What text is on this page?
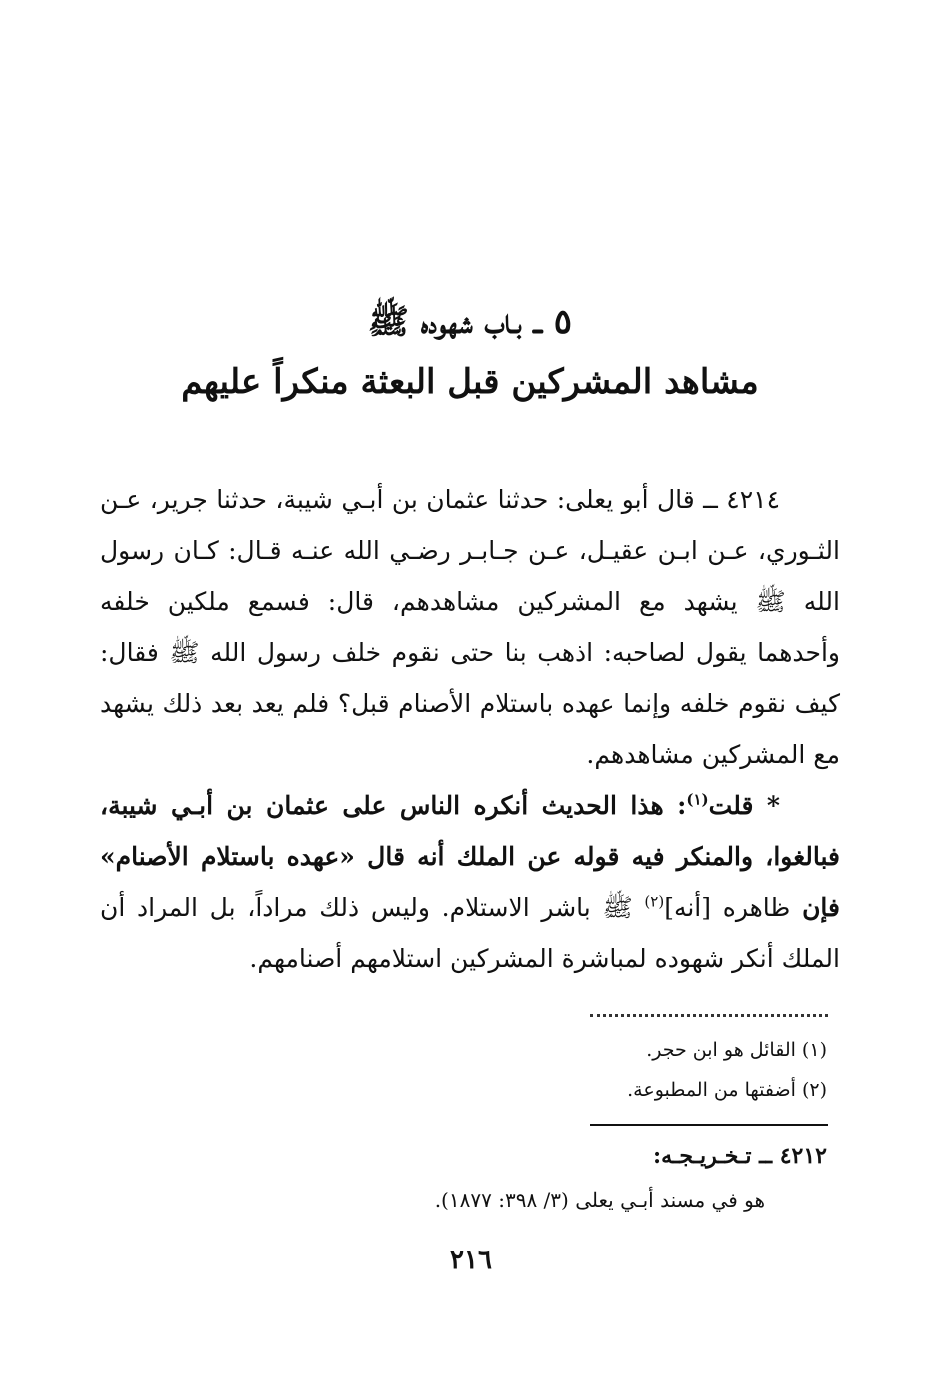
٥ ــ بـاب شهوده ﷺ
مشاهد المشركين قبل البعثة منكراً عليهم

٤٢١٤ ــ قال أبو يعلى: حدثنا عثمان بن أبـي شيبة، حدثنا جرير، عـن الثـوري، عـن ابـن عقيـل، عـن جـابـر رضـي الله عنـه قـال: كـان رسول الله ﷺ يشهد مع المشركين مشاهدهم، قال: فسمع ملكين خلفه وأحدهما يقول لصاحبه: اذهب بنا حتى نقوم خلف رسول الله ﷺ فقال: كيف نقوم خلفه وإنما عهده باستلام الأصنام قبل؟ فلم يعد بعد ذلك يشهد مع المشركين مشاهدهم.

* قلت$^{(١)}$: هذا الحديث أنكره الناس على عثمان بن أبـي شيبة، فبالغوا، والمنكر فيه قوله عن الملك أنه قال «عهده باستلام الأصنام» فإن ظاهره [أنه]$^{(٢)}$ ﷺ باشر الاستلام. وليس ذلك مراداً، بل المراد أن الملك أنكر شهوده لمباشرة المشركين استلامهم أصنامهم.

(١) القائل هو ابن حجر.
(٢) أضفتها من المطبوعة.
٤٢١٢ ــ تـخـريـجـه:
هو في مسند أبـي يعلى (٣/ ٣٩٨: ١٨٧٧).
٢١٦
